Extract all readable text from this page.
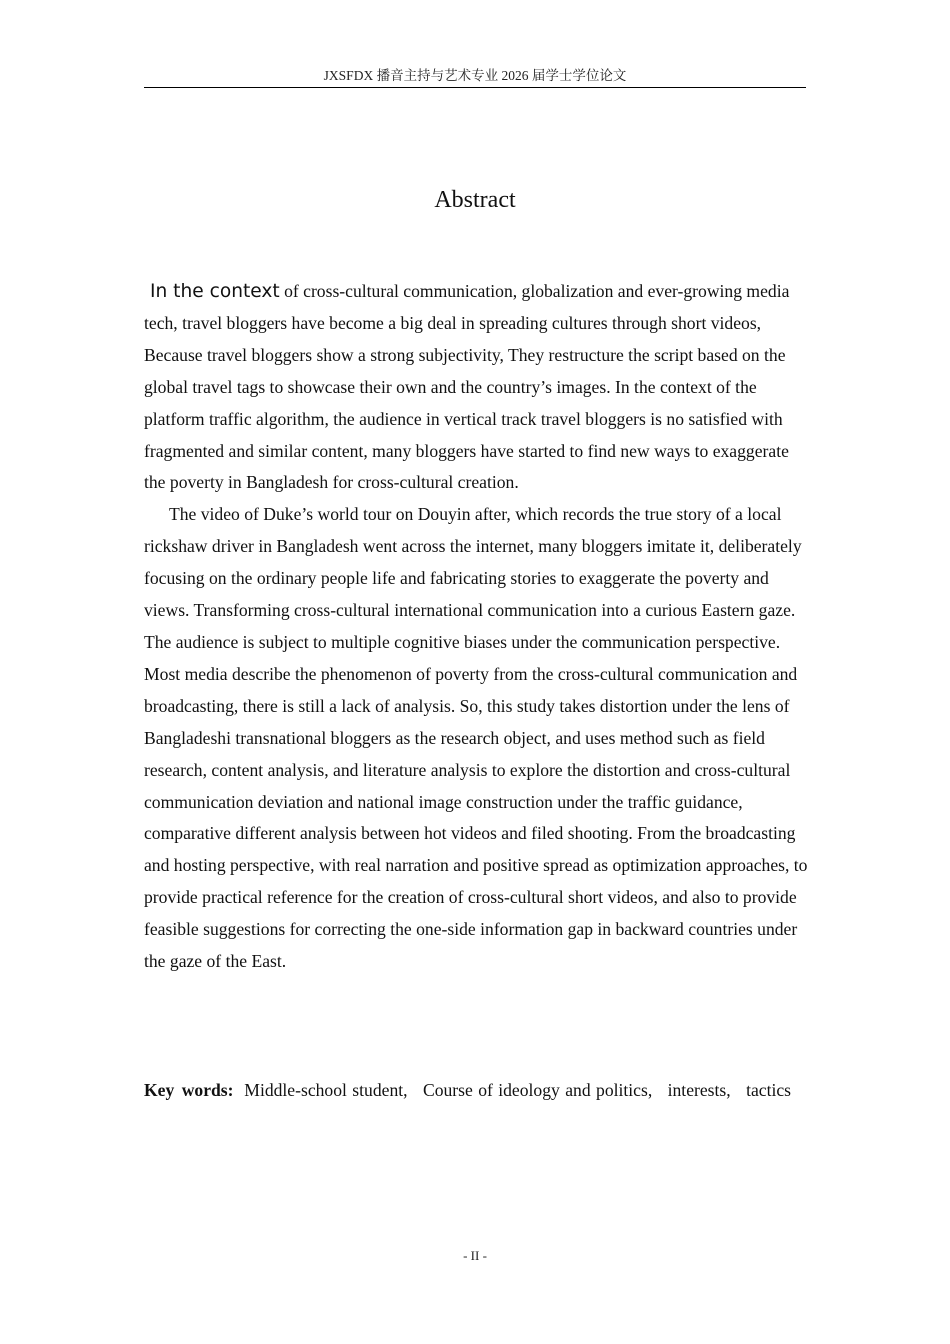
JXSFDX 播音主持与艺术专业 2026 届学士学位论文
Abstract

In the context of cross-cultural communication, globalization and ever-growing media tech, travel bloggers have become a big deal in spreading cultures through short videos, Because travel bloggers show a strong subjectivity, They restructure the script based on the global travel tags to showcase their own and the country’s images. In the context of the platform traffic algorithm, the audience in vertical track travel bloggers is no satisfied with fragmented and similar content, many bloggers have started to find new ways to exaggerate the poverty in Bangladesh for cross-cultural creation.

The video of Duke’s world tour on Douyin after, which records the true story of a local rickshaw driver in Bangladesh went across the internet, many bloggers imitate it, deliberately focusing on the ordinary people life and fabricating stories to exaggerate the poverty and views. Transforming cross-cultural international communication into a curious Eastern gaze. The audience is subject to multiple cognitive biases under the communication perspective. Most media describe the phenomenon of poverty from the cross-cultural communication and broadcasting, there is still a lack of analysis. So, this study takes distortion under the lens of Bangladeshi transnational bloggers as the research object, and uses method such as field research, content analysis, and literature analysis to explore the distortion and cross-cultural communication deviation and national image construction under the traffic guidance, comparative different analysis between hot videos and filed shooting. From the broadcasting and hosting perspective, with real narration and positive spread as optimization approaches, to provide practical reference for the creation of cross-cultural short videos, and also to provide feasible suggestions for correcting the one-side information gap in backward countries under the gaze of the East.

Key words: Middle-school student, Course of ideology and politics, interests, tactics
- II -
